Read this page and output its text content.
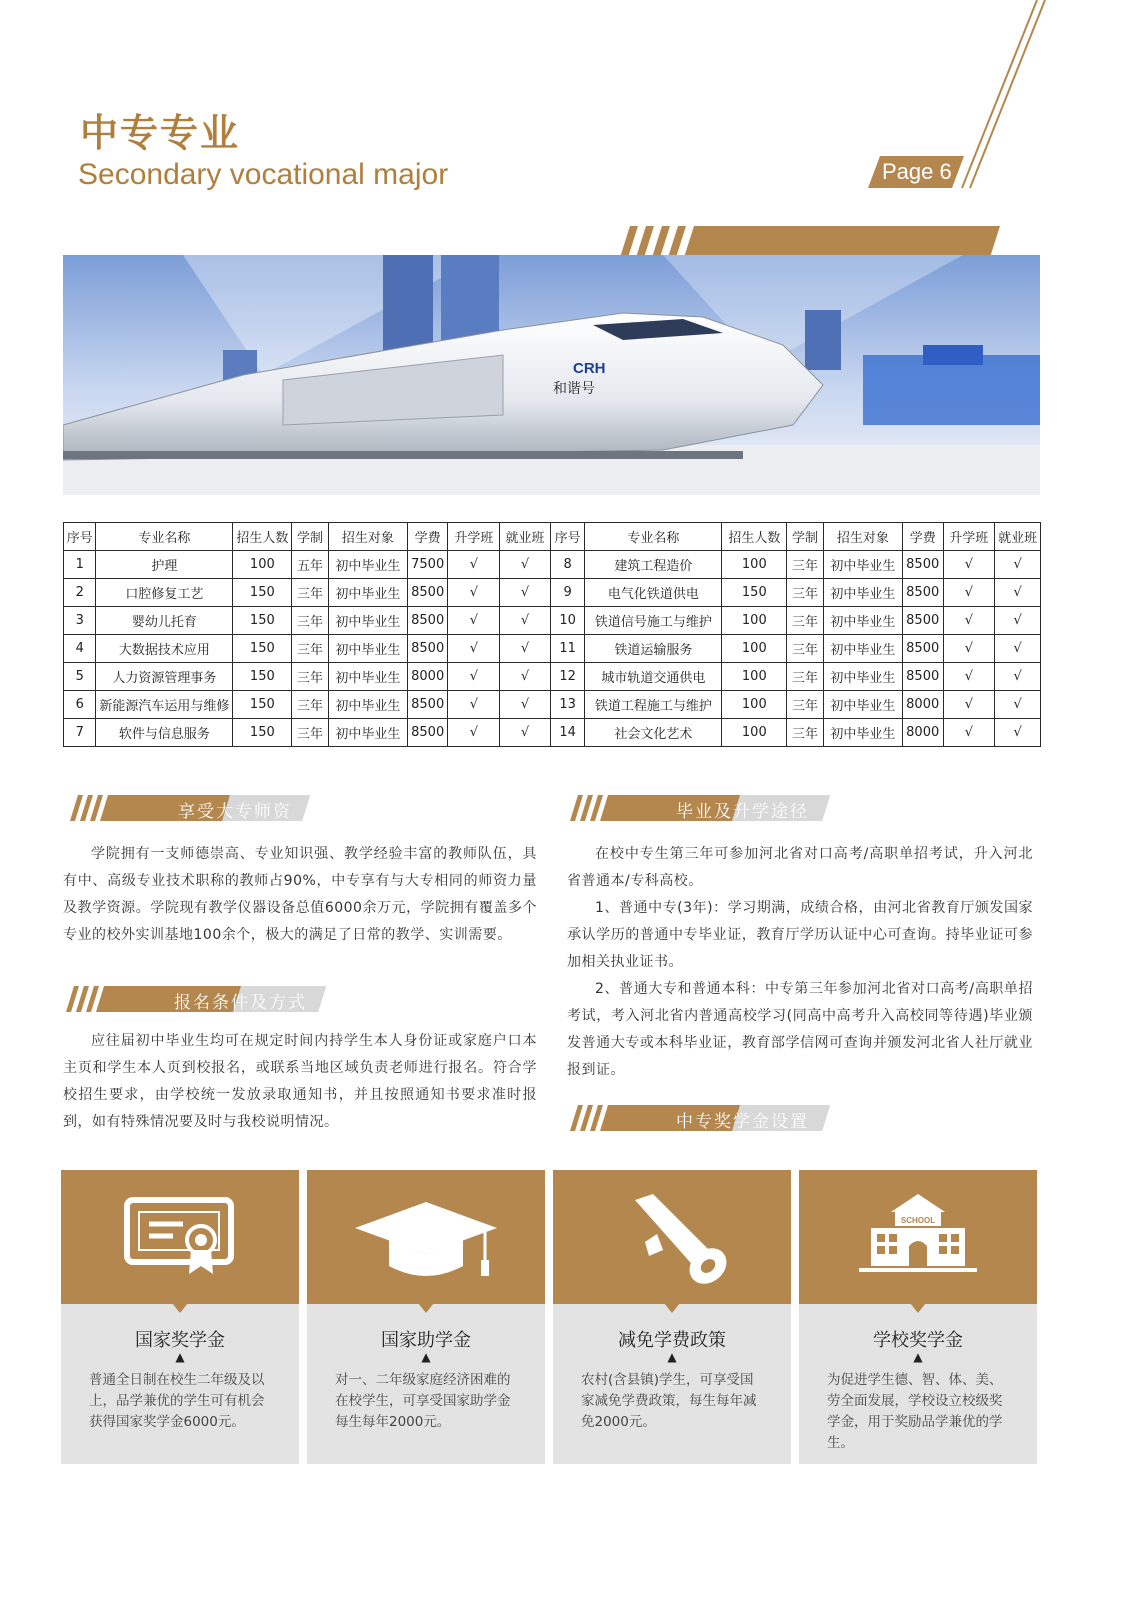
中专专业
Secondary vocational major	Page 6
CRH
和谐号
序号	专业名称	招生人数	学制	招生对象	学费	升学班	就业班	序号	专业名称	招生人数	学制	招生对象	学费	升学班	就业班
1	护理	100	五年	初中毕业生	7500	√	√	8	建筑工程造价	100	三年	初中毕业生	8500	√	√
2	口腔修复工艺	150	三年	初中毕业生	8500	√	√	9	电气化铁道供电	150	三年	初中毕业生	8500	√	√
3	婴幼儿托育	150	三年	初中毕业生	8500	√	√	10	铁道信号施工与维护	100	三年	初中毕业生	8500	√	√
4	大数据技术应用	150	三年	初中毕业生	8500	√	√	11	铁道运输服务	100	三年	初中毕业生	8500	√	√
5	人力资源管理事务	150	三年	初中毕业生	8000	√	√	12	城市轨道交通供电	100	三年	初中毕业生	8500	√	√
6	新能源汽车运用与维修	150	三年	初中毕业生	8500	√	√	13	铁道工程施工与维护	100	三年	初中毕业生	8000	√	√
7	软件与信息服务	150	三年	初中毕业生	8500	√	√	14	社会文化艺术	100	三年	初中毕业生	8000	√	√
享受大专师资

学院拥有一支师德崇高、专业知识强、教学经验丰富的教师队伍，具有中、高级专业技术职称的教师占90%，中专享有与大专相同的师资力量及教学资源。学院现有教学仪器设备总值6000余万元，学院拥有覆盖多个专业的校外实训基地100余个，极大的满足了日常的教学、实训需要。

报名条件及方式

应往届初中毕业生均可在规定时间内持学生本人身份证或家庭户口本主页和学生本人页到校报名，或联系当地区域负责老师进行报名。符合学校招生要求，由学校统一发放录取通知书，并且按照通知书要求准时报到，如有特殊情况要及时与我校说明情况。

毕业及升学途径

在校中专生第三年可参加河北省对口高考/高职单招考试，升入河北省普通本/专科高校。

1、普通中专(3年)：学习期满，成绩合格，由河北省教育厅颁发国家承认学历的普通中专毕业证，教育厅学历认证中心可查询。持毕业证可参加相关执业证书。

2、普通大专和普通本科：中专第三年参加河北省对口高考/高职单招考试，考入河北省内普通高校学习(同高中高考升入高校同等待遇)毕业颁发普通大专或本科毕业证，教育部学信网可查询并颁发河北省人社厅就业报到证。

中专奖学金设置
国家奖学金
▲
普通全日制在校生二年级及以上，品学兼优的学生可有机会获得国家奖学金6000元。
国家助学金
▲
对一、二年级家庭经济困难的在校学生，可享受国家助学金每生每年2000元。
减免学费政策
▲
农村(含县镇)学生，可享受国家减免学费政策，每生每年减免2000元。
SCHOOL
学校奖学金
▲
为促进学生德、智、体、美、劳全面发展，学校设立校级奖学金，用于奖励品学兼优的学生。
